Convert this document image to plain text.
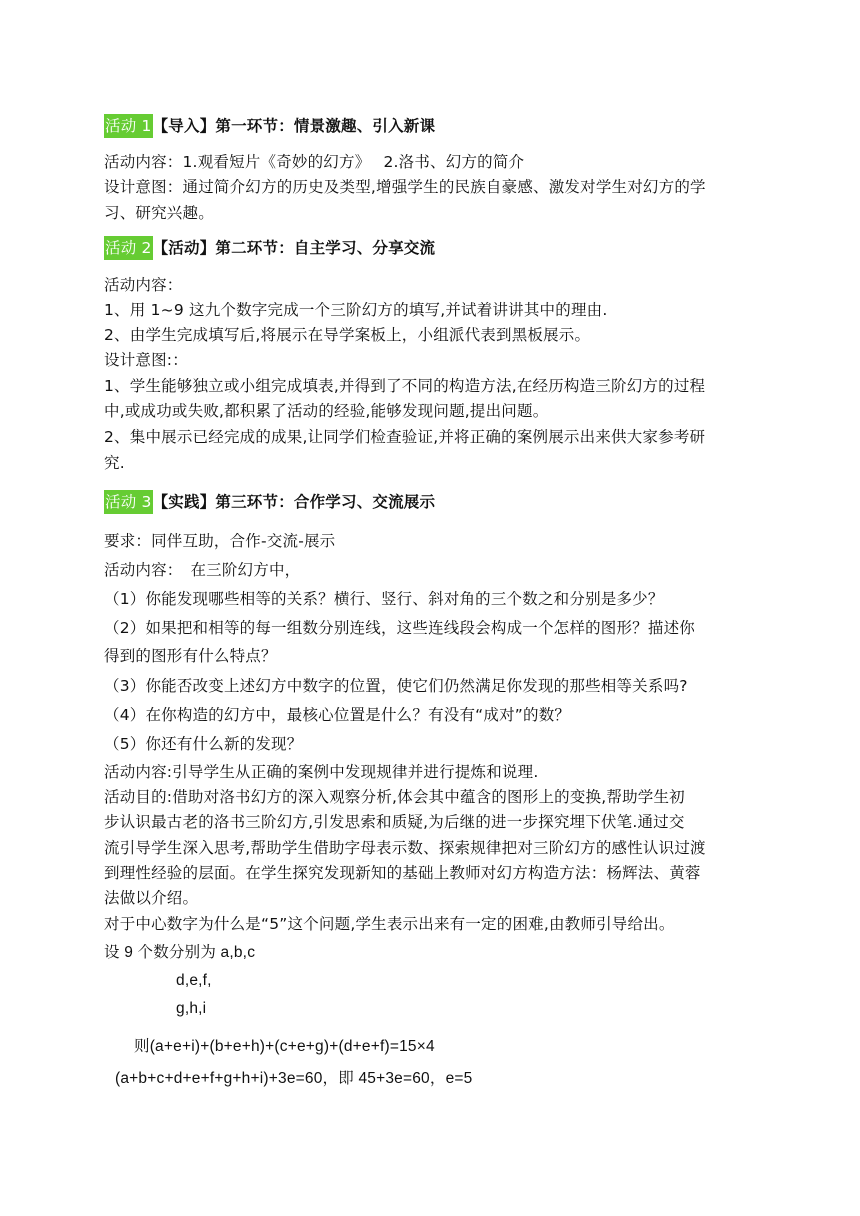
活动 1【导入】第一环节：情景激趣、引入新课
活动内容：1.观看短片《奇妙的幻方》　 2.洛书、幻方的简介
设计意图：通过简介幻方的历史及类型,增强学生的民族自豪感、激发对学生对幻方的学
习、研究兴趣。
活动 2【活动】第二环节：自主学习、分享交流
活动内容：
1、用 1~9 这九个数字完成一个三阶幻方的填写,并试着讲讲其中的理由.
2、由学生完成填写后,将展示在导学案板上，小组派代表到黑板展示。
设计意图:：
1、学生能够独立或小组完成填表,并得到了不同的构造方法,在经历构造三阶幻方的过程
中,或成功或失败,都积累了活动的经验,能够发现问题,提出问题。
2、集中展示已经完成的成果,让同学们检查验证,并将正确的案例展示出来供大家参考研
究.
活动 3【实践】第三环节：合作学习、交流展示
要求：同伴互助，合作-交流-展示
活动内容：　在三阶幻方中，
（1）你能发现哪些相等的关系？横行、竖行、斜对角的三个数之和分别是多少？
（2）如果把和相等的每一组数分别连线，这些连线段会构成一个怎样的图形？描述你
得到的图形有什么特点？
（3）你能否改变上述幻方中数字的位置，使它们仍然满足你发现的那些相等关系吗?
（4）在你构造的幻方中，最核心位置是什么？有没有“成对”的数？
（5）你还有什么新的发现？
活动内容:引导学生从正确的案例中发现规律并进行提炼和说理.
活动目的:借助对洛书幻方的深入观察分析,体会其中蕴含的图形上的变换,帮助学生初
步认识最古老的洛书三阶幻方,引发思索和质疑,为后继的进一步探究埋下伏笔.通过交
流引导学生深入思考,帮助学生借助字母表示数、探索规律把对三阶幻方的感性认识过渡
到理性经验的层面。在学生探究发现新知的基础上教师对幻方构造方法：杨辉法、黄蓉
法做以介绍。
对于中心数字为什么是“5”这个问题,学生表示出来有一定的困难,由教师引导给出。
设 9 个数分别为 a,b,c
d,e,f,
g,h,i
则(a+e+i)+(b+e+h)+(c+e+g)+(d+e+f)=15×4
(a+b+c+d+e+f+g+h+i)+3e=60，即 45+3e=60，e=5
